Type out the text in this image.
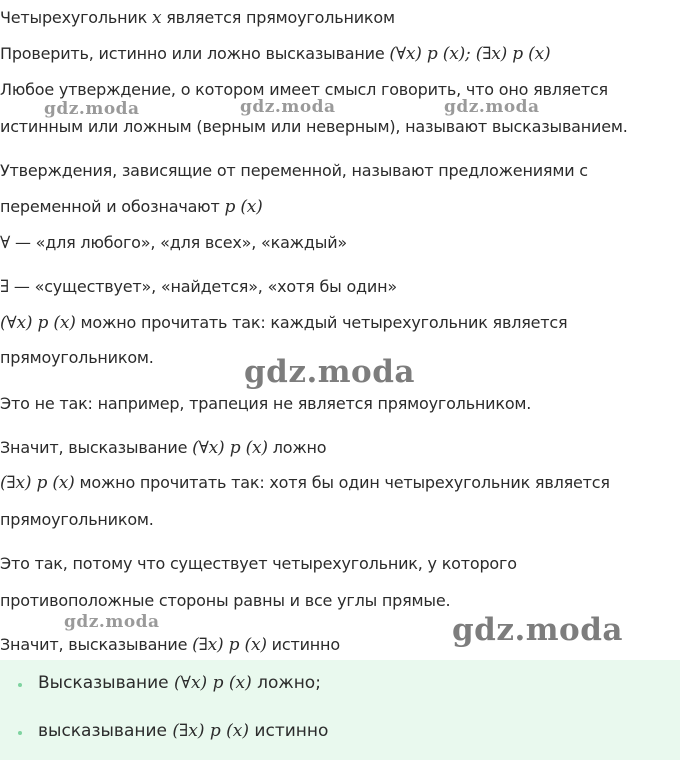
Четырехугольник x является прямоугольником
Проверить, истинно или ложно высказывание (∀x) p (x); (∃x) p (x)
Любое утверждение, о котором имеет смысл говорить, что оно является
истинным или ложным (верным или неверным), называют высказыванием.
Утверждения, зависящие от переменной, называют предложениями с
переменной и обозначают p (x)
∀ — «для любого», «для всех», «каждый»
∃ — «существует», «найдется», «хотя бы один»
(∀x) p (x) можно прочитать так: каждый четырехугольник является
прямоугольником.
Это не так: например, трапеция не является прямоугольником.
Значит, высказывание (∀x) p (x) ложно
(∃x) p (x) можно прочитать так: хотя бы один четырехугольник является
прямоугольником.
Это так, потому что существует четырехугольник, у которого
противоположные стороны равны и все углы прямые.
Значит, высказывание (∃x) p (x) истинно
Высказывание (∀x) p (x) ложно;
высказывание (∃x) p (x) истинно
gdz.moda	gdz.moda	gdz.moda
gdz.moda
gdz.moda	gdz.moda
